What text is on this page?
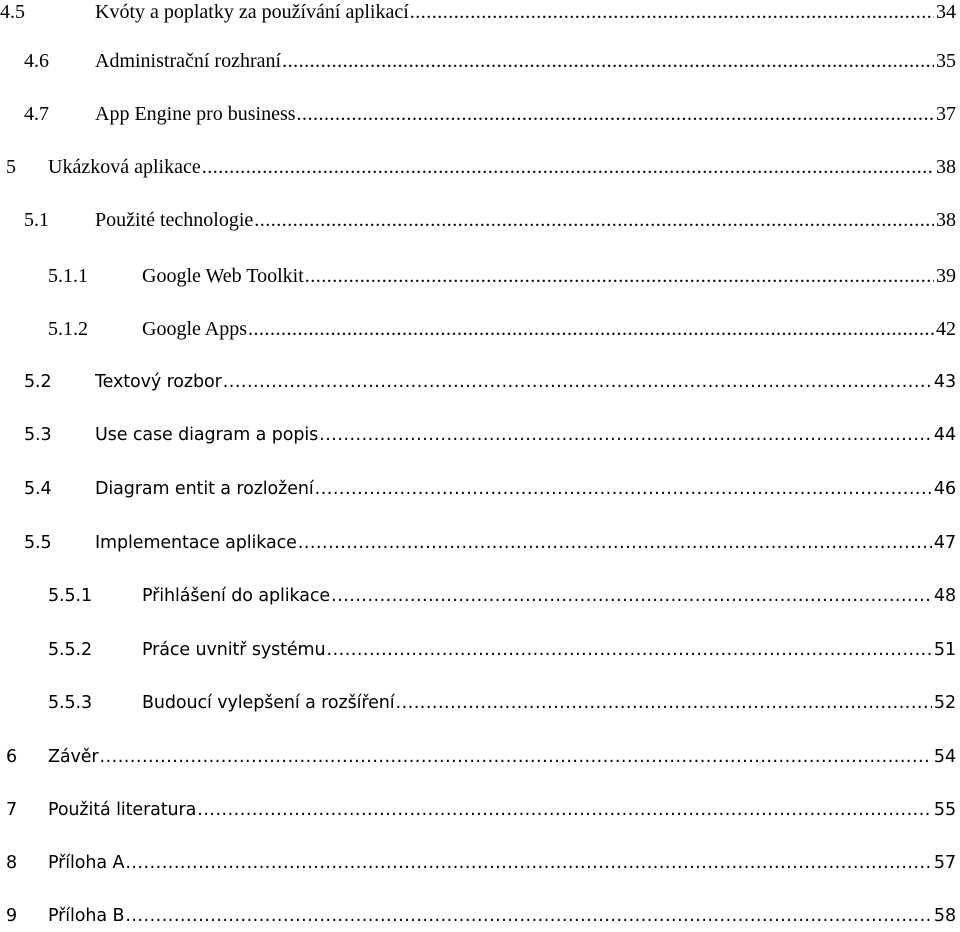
4.5	Kvóty a poplatky za používání aplikací .....	34
4.6 Administrační rozhraní .....	35
4.7 App Engine pro business .....	37
5 Ukázková aplikace .....	38
5.1 Použité technologie .....	38
5.1.1	Google Web Toolkit .....	39
5.1.2	Google Apps .....	42
5.2 Textový rozbor .....	43
5.3 Use case diagram a popis .....	44
5.4 Diagram entit a rozložení .....	46
5.5 Implementace aplikace .....	47
5.5.1	Přihlášení do aplikace .....	48
5.5.2	Práce uvnitř systému .....	51
5.5.3	Budoucí vylepšení a rozšíření .....	52
6 Závěr .....	54
7 Použitá literatura .....	55
8 Příloha A .....	57
9 Příloha B .....	58
